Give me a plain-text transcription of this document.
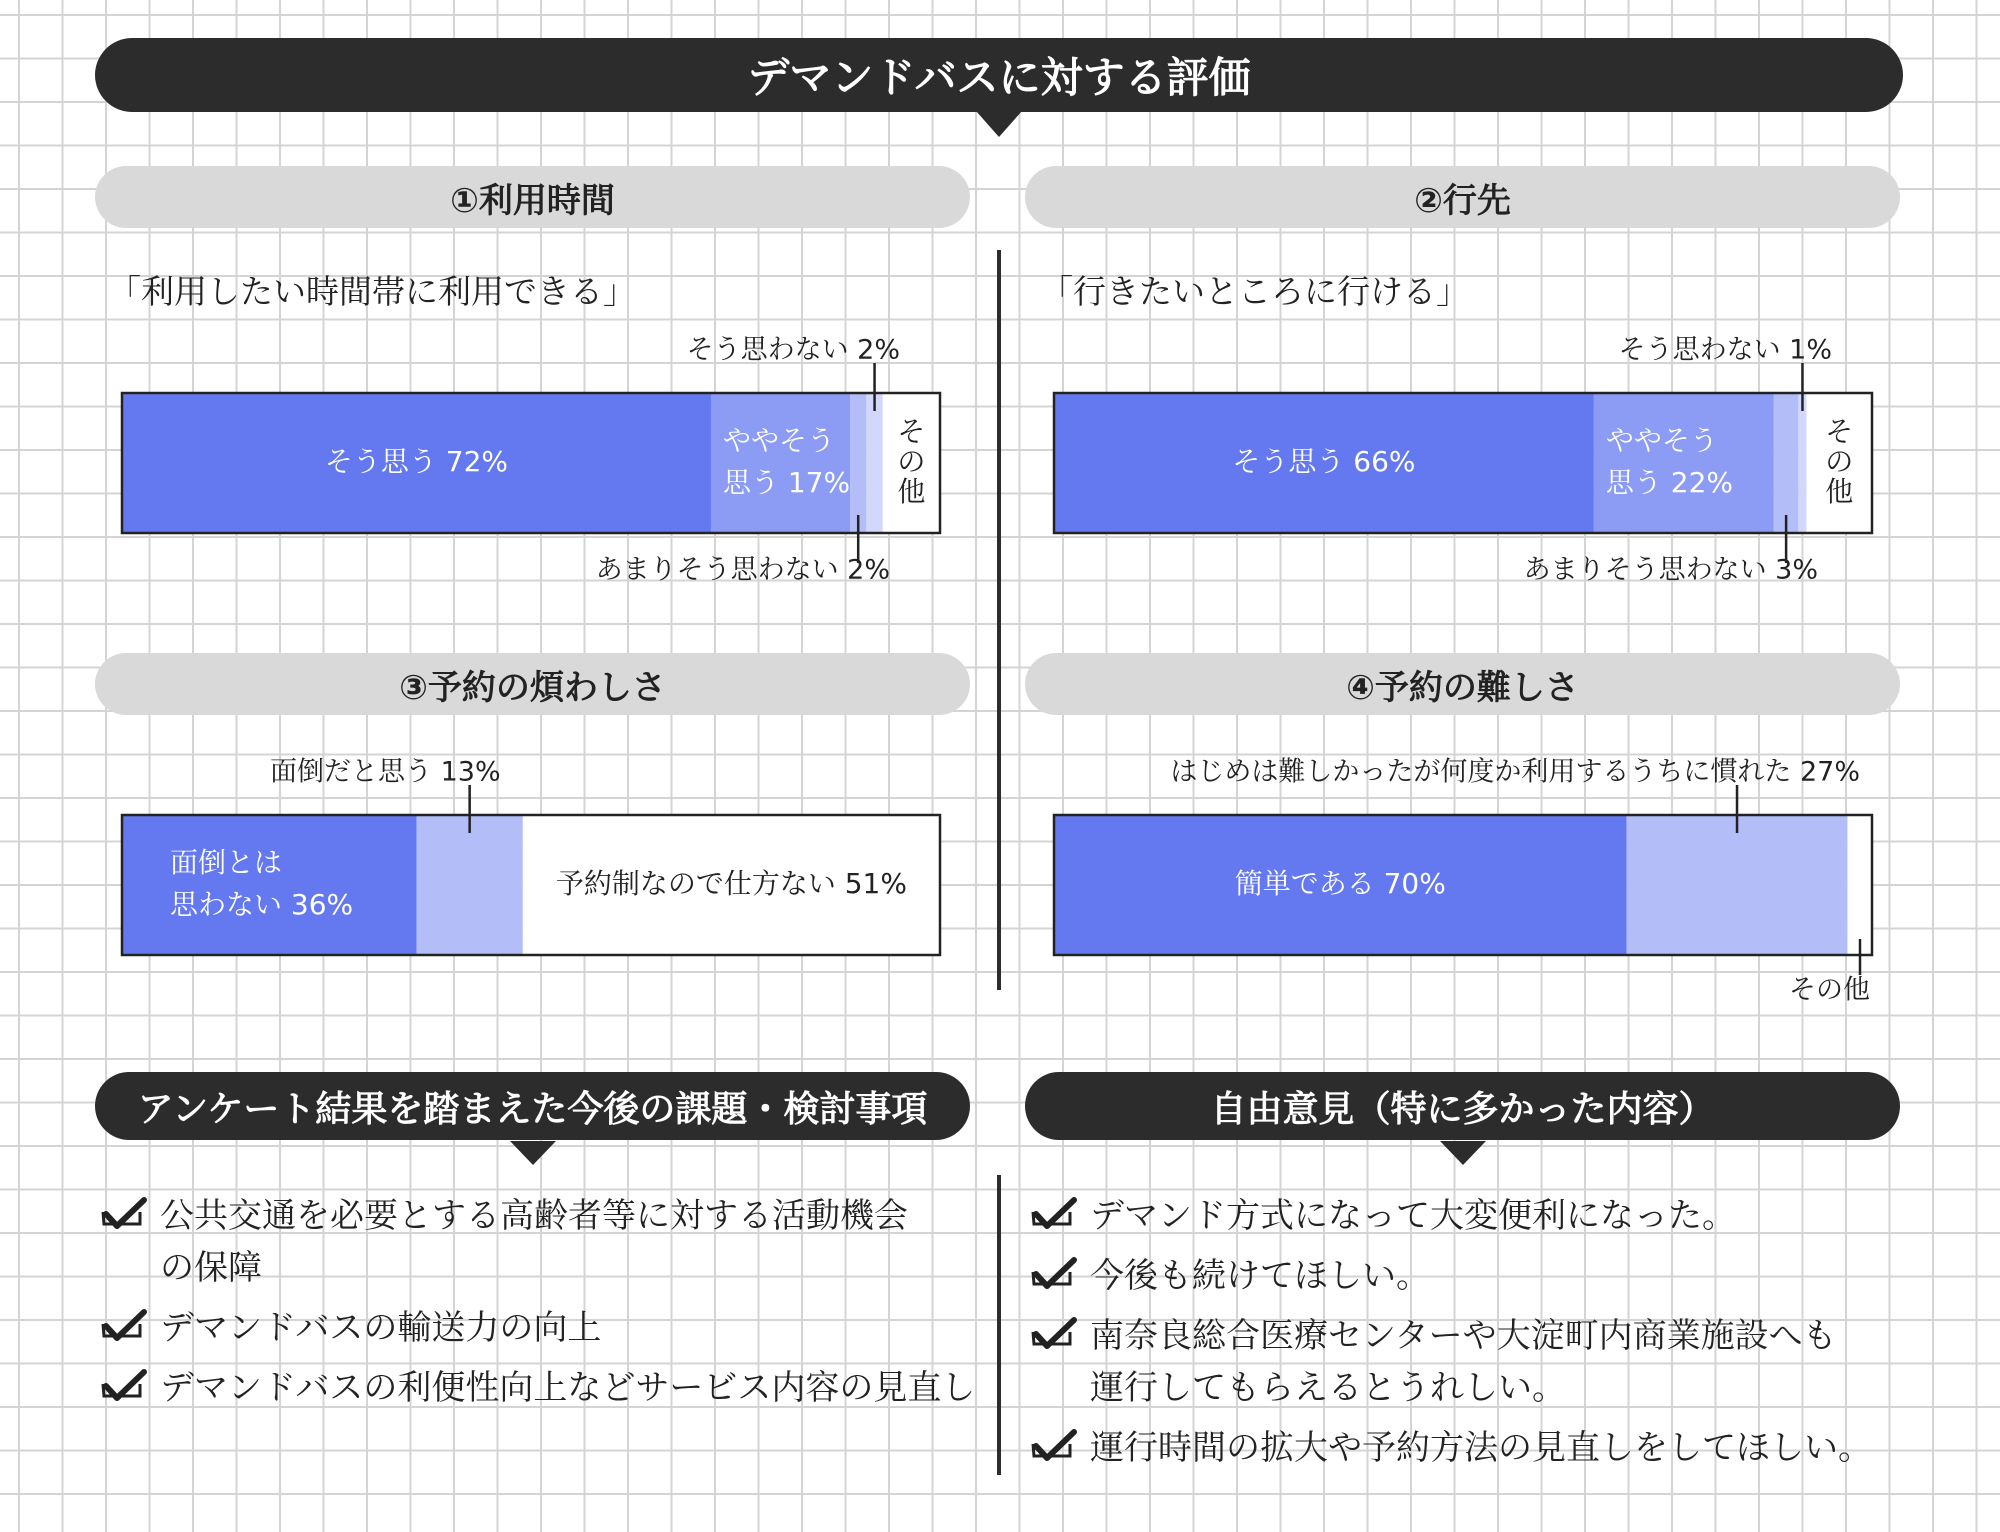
デマンドバスに対する評価
①利用時間	②行先
③予約の煩わしさ	④予約の難しさ
「利用したい時間帯に利用できる」	「行きたいところに行ける」
そう思う 72%
ややそう
思う 17%
そ
の
他
そう思わない 2%
あまりそう思わない 2%
そう思う 66%
ややそう
思う 22%
そ
の
他
そう思わない 1%
あまりそう思わない 3%
面倒とは
思わない 36%
予約制なので仕方ない 51%
面倒だと思う 13%
簡単である 70%
はじめは難しかったが何度か利用するうちに慣れた 27%
その他
アンケート結果を踏まえた今後の課題・検討事項	自由意見（特に多かった内容）
公共交通を必要とする高齢者等に対する活動機会
の保障
デマンドバスの輸送力の向上
デマンドバスの利便性向上などサービス内容の見直し
デマンド方式になって大変便利になった。
今後も続けてほしい。
南奈良総合医療センターや大淀町内商業施設へも
運行してもらえるとうれしい。
運行時間の拡大や予約方法の見直しをしてほしい。
